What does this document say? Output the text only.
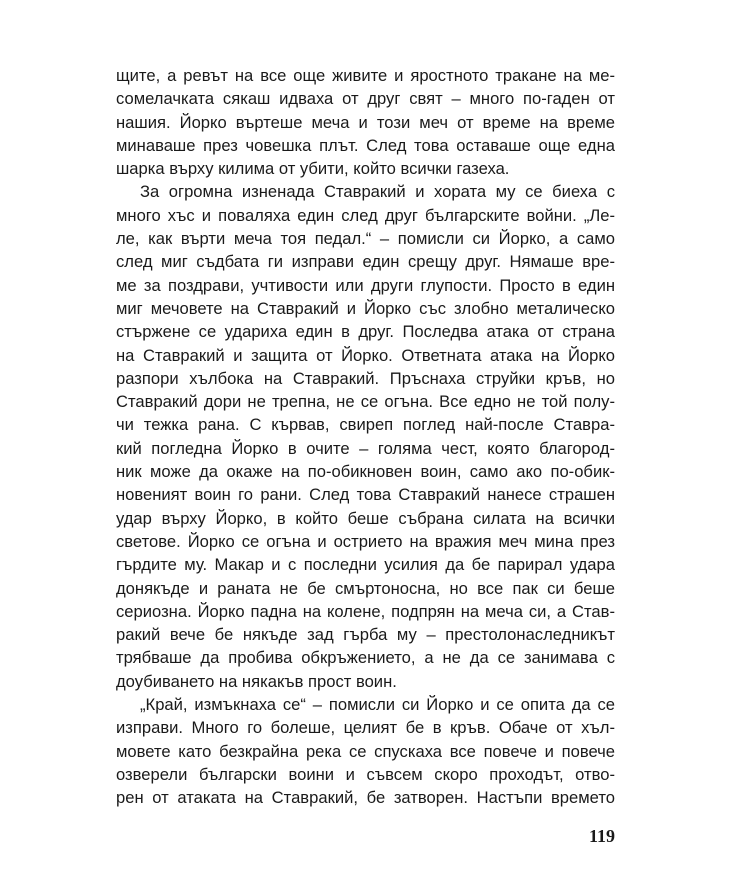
щите, а ревът на все още живите и яростното тракане на ме-
сомелачката сякаш идваха от друг свят – много по-гаден от
нашия. Йорко въртеше меча и този меч от време на време
минаваше през човешка плът. След това оставаше още една
шарка върху килима от убити, който всички газеха.
За огромна изненада Ставракий и хората му се биеха с
много хъс и поваляха един след друг българските войни. „Ле-
ле, как върти меча тоя педал.“ – помисли си Йорко, а само
след миг съдбата ги изправи един срещу друг. Нямаше вре-
ме за поздрави, учтивости или други глупости. Просто в един
миг мечовете на Ставракий и Йорко със злобно металическо
стържене се удариха един в друг. Последва атака от страна
на Ставракий и защита от Йорко. Ответната атака на Йорко
разпори хълбока на Ставракий. Пръснаха струйки кръв, но
Ставракий дори не трепна, не се огъна. Все едно не той полу-
чи тежка рана. С кървав, свиреп поглед най-после Ставра-
кий погледна Йорко в очите – голяма чест, която благород-
ник може да окаже на по-обикновен воин, само ако по-обик-
новеният воин го рани. След това Ставракий нанесе страшен
удар върху Йорко, в който беше събрана силата на всички
светове. Йорко се огъна и острието на вражия меч мина през
гърдите му. Макар и с последни усилия да бе парирал удара
донякъде и раната не бе смъртоносна, но все пак си беше
сериозна. Йорко падна на колене, подпрян на меча си, а Став-
ракий вече бе някъде зад гърба му – престолонаследникът
трябваше да пробива обкръжението, а не да се занимава с
доубиването на някакъв прост воин.
„Край, измъкнаха се“ – помисли си Йорко и се опита да се
изправи. Много го болеше, целият бе в кръв. Обаче от хъл-
мовете като безкрайна река се спускаха все повече и повече
озверели български воини и съвсем скоро проходът, отво-
рен от атаката на Ставракий, бе затворен. Настъпи времето
119
